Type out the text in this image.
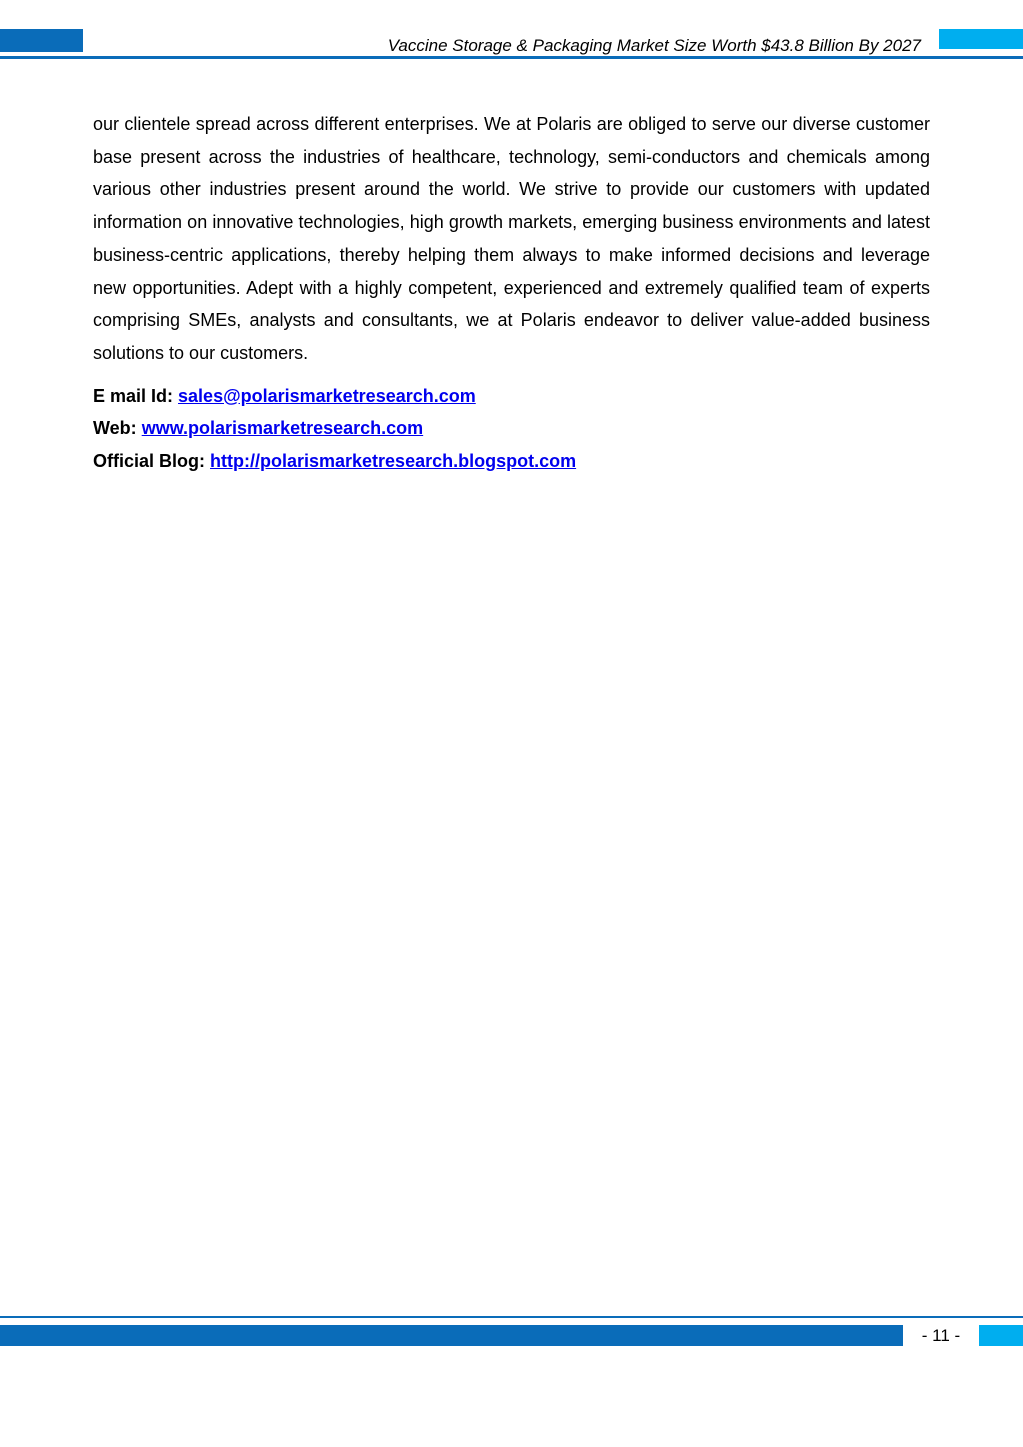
Vaccine Storage & Packaging Market Size Worth $43.8 Billion By 2027

our clientele spread across different enterprises. We at Polaris are obliged to serve our diverse customer base present across the industries of healthcare, technology, semi-conductors and chemicals among various other industries present around the world. We strive to provide our customers with updated information on innovative technologies, high growth markets, emerging business environments and latest business-centric applications, thereby helping them always to make informed decisions and leverage new opportunities. Adept with a highly competent, experienced and extremely qualified team of experts comprising SMEs, analysts and consultants, we at Polaris endeavor to deliver value-added business solutions to our customers.

E mail Id: sales@polarismarketresearch.com
Web: www.polarismarketresearch.com
Official Blog: http://polarismarketresearch.blogspot.com
- 11 -
